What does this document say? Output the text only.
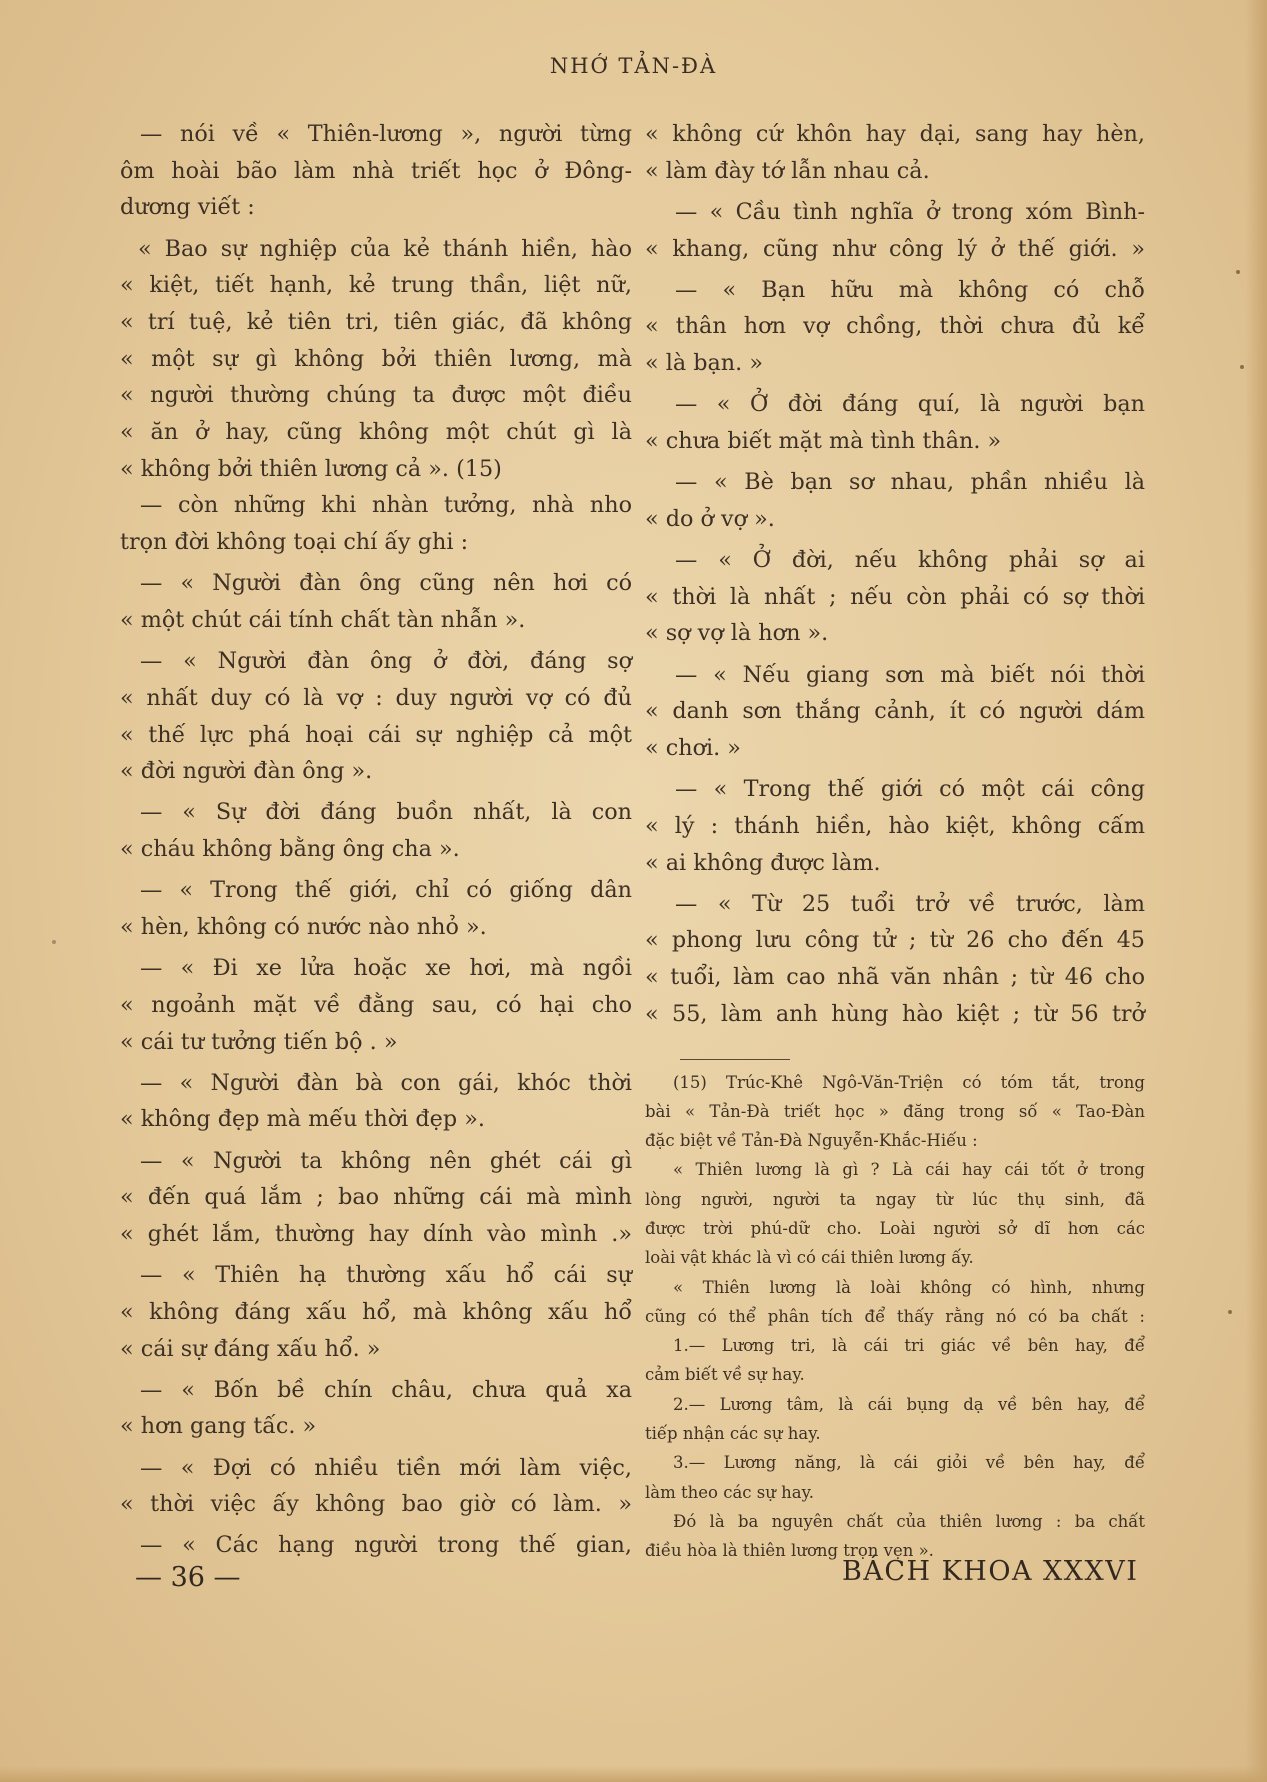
NHỚ TẢN-ĐÀ
— nói về « Thiên-lương », người từng
ôm hoài bão làm nhà triết học ở Đông-
dương viết :
« Bao sự nghiệp của kẻ thánh hiền, hào
« kiệt, tiết hạnh, kẻ trung thần, liệt nữ,
« trí tuệ, kẻ tiên tri, tiên giác, đã không
« một sự gì không bởi thiên lương, mà
« người thường chúng ta được một điều
« ăn ở hay, cũng không một chút gì là
« không bởi thiên lương cả ». (15)
— còn những khi nhàn tưởng, nhà nho
trọn đời không toại chí ấy ghi :
— « Người đàn ông cũng nên hơi có
« một chút cái tính chất tàn nhẫn ».
— « Người đàn ông ở đời, đáng sợ
« nhất duy có là vợ : duy người vợ có đủ
« thế lực phá hoại cái sự nghiệp cả một
« đời người đàn ông ».
— « Sự đời đáng buồn nhất, là con
« cháu không bằng ông cha ».
— « Trong thế giới, chỉ có giống dân
« hèn, không có nước nào nhỏ ».
— « Đi xe lửa hoặc xe hơi, mà ngồi
« ngoảnh mặt về đằng sau, có hại cho
« cái tư tưởng tiến bộ . »
— « Người đàn bà con gái, khóc thời
« không đẹp mà mếu thời đẹp ».
— « Người ta không nên ghét cái gì
« đến quá lắm ; bao những cái mà mình
« ghét lắm, thường hay dính vào mình .»
— « Thiên hạ thường xấu hổ cái sự
« không đáng xấu hổ, mà không xấu hổ
« cái sự đáng xấu hổ. »
— « Bốn bề chín châu, chưa quả xa
« hơn gang tấc. »
— « Đợi có nhiều tiền mới làm việc,
« thời việc ấy không bao giờ có làm. »
— « Các hạng người trong thế gian,
« không cứ khôn hay dại, sang hay hèn,
« làm đày tớ lẫn nhau cả.
— « Cầu tình nghĩa ở trong xóm Bình-
« khang, cũng như công lý ở thế giới. »
— « Bạn hữu mà không có chỗ
« thân hơn vợ chồng, thời chưa đủ kể
« là bạn. »
— « Ở đời đáng quí, là người bạn
« chưa biết mặt mà tình thân. »
— « Bè bạn sơ nhau, phần nhiều là
« do ở vợ ».
— « Ở đời, nếu không phải sợ ai
« thời là nhất ; nếu còn phải có sợ thời
« sợ vợ là hơn ».
— « Nếu giang sơn mà biết nói thời
« danh sơn thắng cảnh, ít có người dám
« chơi. »
— « Trong thế giới có một cái công
« lý : thánh hiền, hào kiệt, không cấm
« ai không được làm.
— « Từ 25 tuổi trở về trước, làm
« phong lưu công tử ; từ 26 cho đến 45
« tuổi, làm cao nhã văn nhân ; từ 46 cho
« 55, làm anh hùng hào kiệt ; từ 56 trở
(15) Trúc-Khê Ngô-Văn-Triện có tóm tắt, trong
bài « Tản-Đà triết học » đăng trong số « Tao-Đàn
đặc biệt về Tản-Đà Nguyễn-Khắc-Hiếu :
« Thiên lương là gì ? Là cái hay cái tốt ở trong
lòng người, người ta ngay từ lúc thụ sinh, đã
được trời phú-dữ cho. Loài người sở dĩ hơn các
loài vật khác là vì có cái thiên lương ấy.
« Thiên lương là loài không có hình, nhưng
cũng có thể phân tích để thấy rằng nó có ba chất :
1.— Lương tri, là cái tri giác về bên hay, để
cảm biết về sự hay.
2.— Lương tâm, là cái bụng dạ về bên hay, để
tiếp nhận các sự hay.
3.— Lương năng, là cái giỏi về bên hay, để
làm theo các sự hay.
Đó là ba nguyên chất của thiên lương : ba chất
điều hòa là thiên lương trọn vẹn ».
— 36 —	BÁCH KHOA XXXVI
